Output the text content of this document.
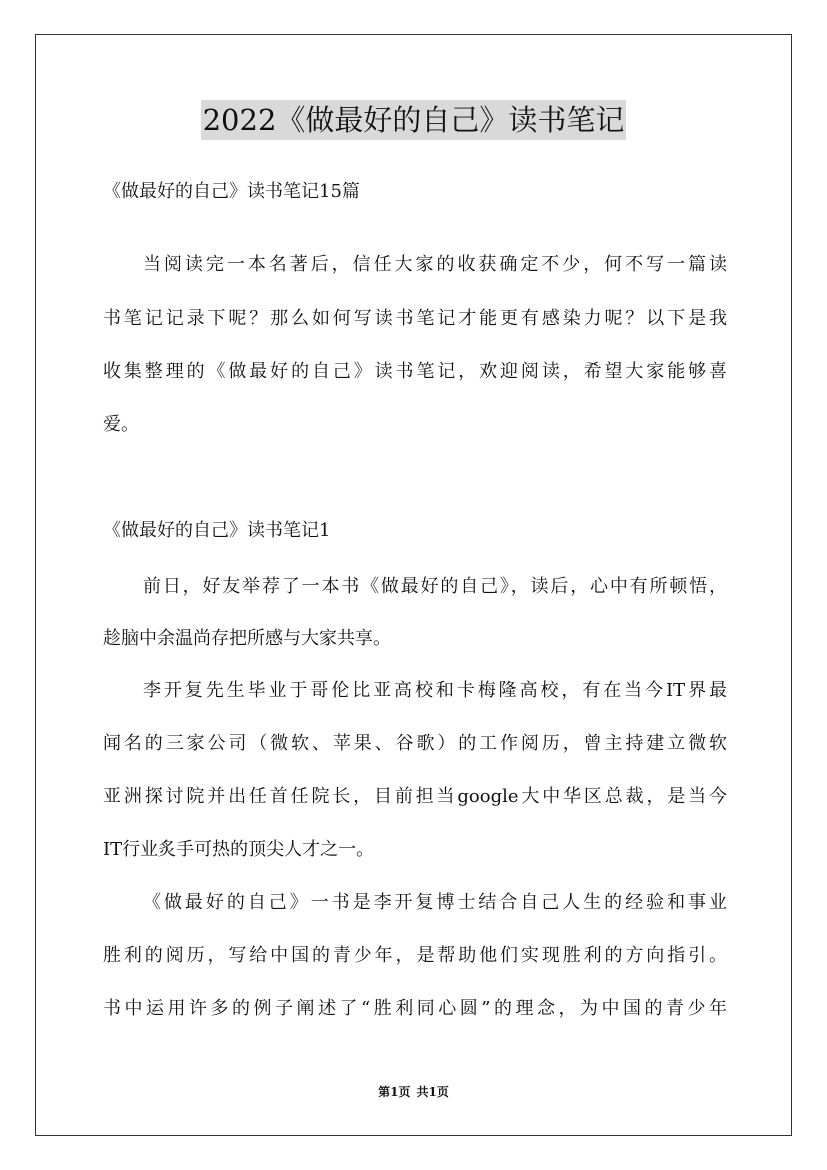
2022《做最好的自己》读书笔记

《做最好的自己》读书笔记15篇

当阅读完一本名著后，信任大家的收获确定不少，何不写一篇读

书笔记记录下呢？那么如何写读书笔记才能更有感染力呢？以下是我

收集整理的《做最好的自己》读书笔记，欢迎阅读，希望大家能够喜

爱。

《做最好的自己》读书笔记1

前日，好友举荐了一本书《做最好的自己》，读后，心中有所顿悟，

趁脑中余温尚存把所感与大家共享。

李开复先生毕业于哥伦比亚高校和卡梅隆高校，有在当今IT界最

闻名的三家公司（微软、苹果、谷歌）的工作阅历，曾主持建立微软

亚洲探讨院并出任首任院长，目前担当google大中华区总裁，是当今

IT行业炙手可热的顶尖人才之一。

《做最好的自己》一书是李开复博士结合自己人生的经验和事业

胜利的阅历，写给中国的青少年，是帮助他们实现胜利的方向指引。

书中运用许多的例子阐述了“胜利同心圆”的理念，为中国的青少年

第1页 共1页
